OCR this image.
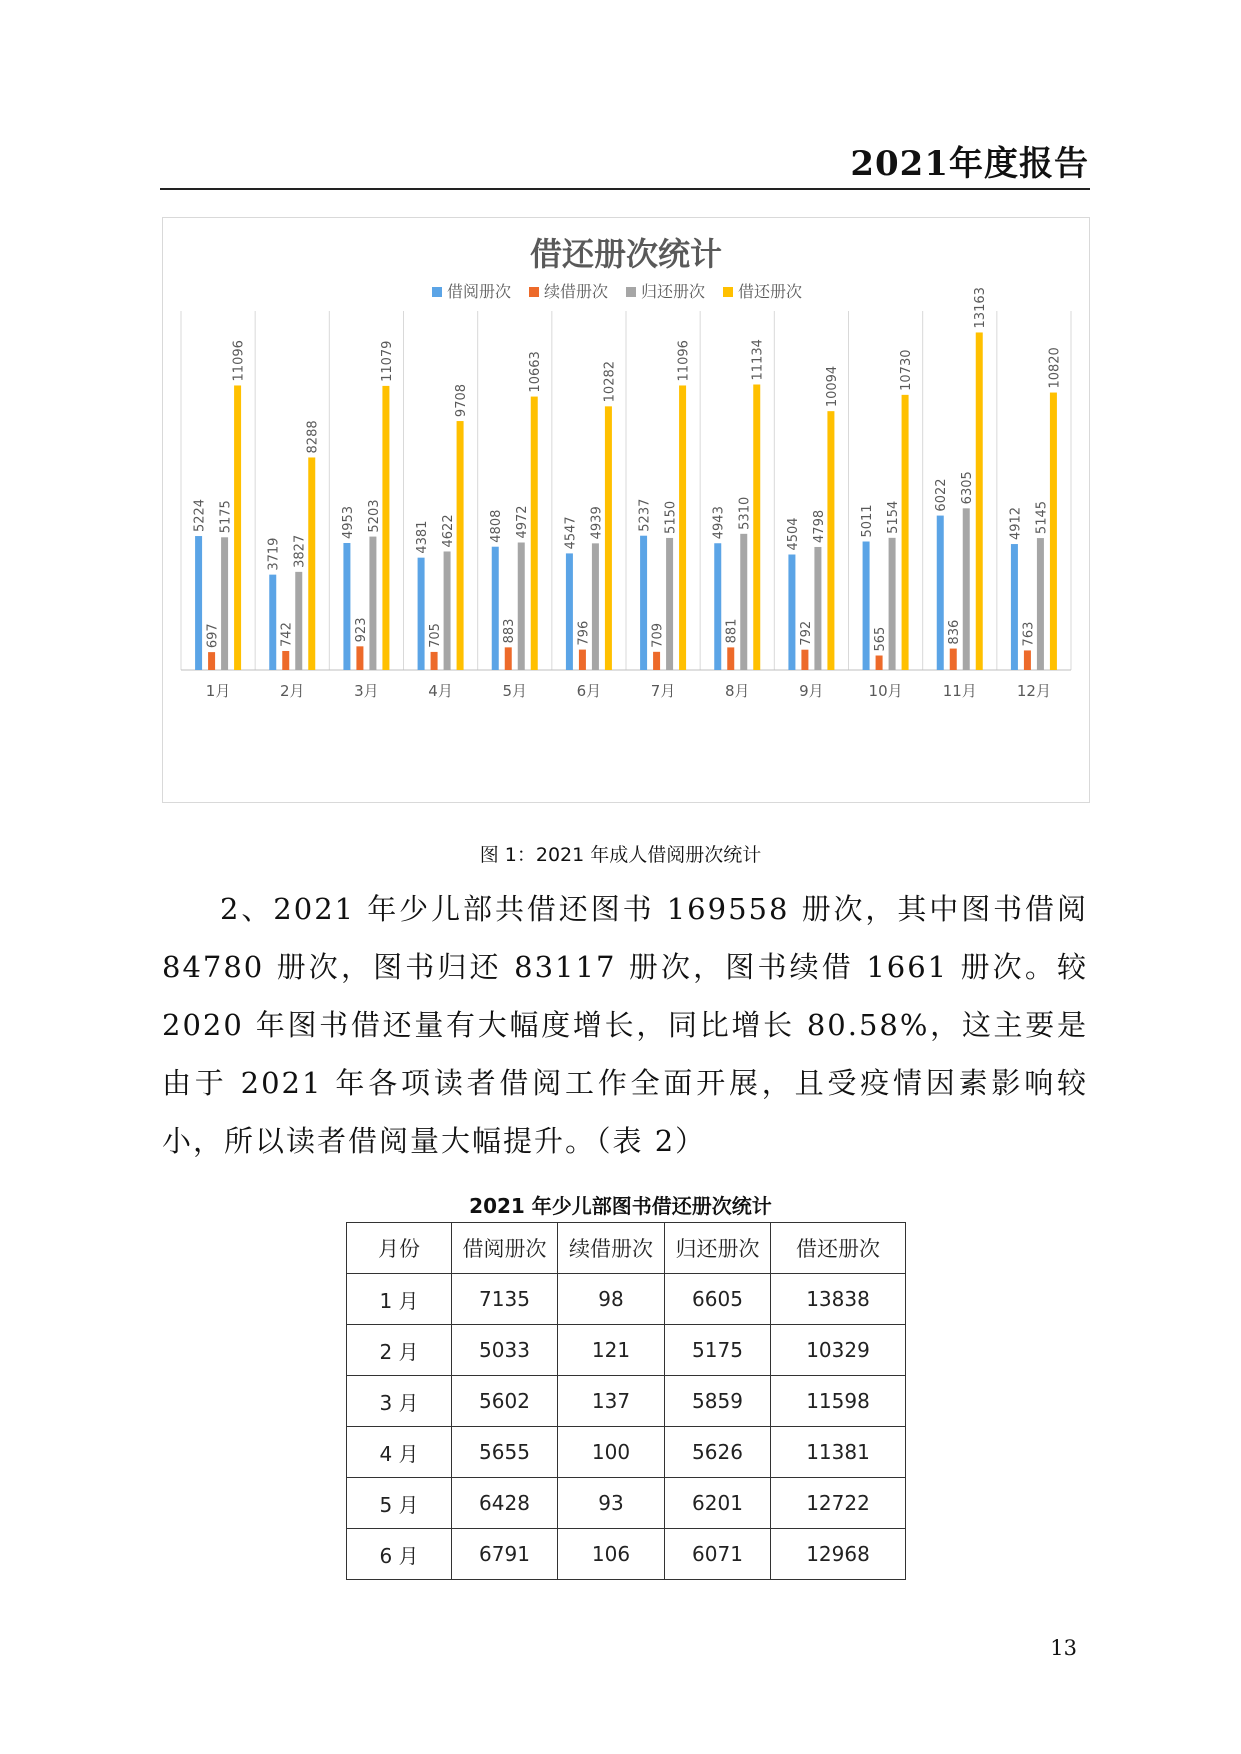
2021年度报告
借还册次统计
借阅册次 续借册次 归还册次 借还册次
5224
697
5175
11096
1月
3719
742
3827
8288
2月
4953
923
5203
11079
3月
4381
705
4622
9708
4月
4808
883
4972
10663
5月
4547
796
4939
10282
6月
5237
709
5150
11096
7月
4943
881
5310
11134
8月
4504
792
4798
10094
9月
5011
565
5154
10730
10月
6022
836
6305
13163
11月
4912
763
5145
10820
12月
图 1：2021 年成人借阅册次统计
2、2021 年少儿部共借还图书 169558 册次，其中图书借阅 84780 册次，图书归还 83117 册次，图书续借 1661 册次。较 2020 年图书借还量有大幅度增长，同比增长 80.58%，这主要是由于 2021 年各项读者借阅工作全面开展，且受疫情因素影响较小，所以读者借阅量大幅提升。（表 2）
2021 年少儿部图书借还册次统计
月份	借阅册次	续借册次	归还册次	借还册次
1 月	7135	98	6605	13838
2 月	5033	121	5175	10329
3 月	5602	137	5859	11598
4 月	5655	100	5626	11381
5 月	6428	93	6201	12722
6 月	6791	106	6071	12968
13
